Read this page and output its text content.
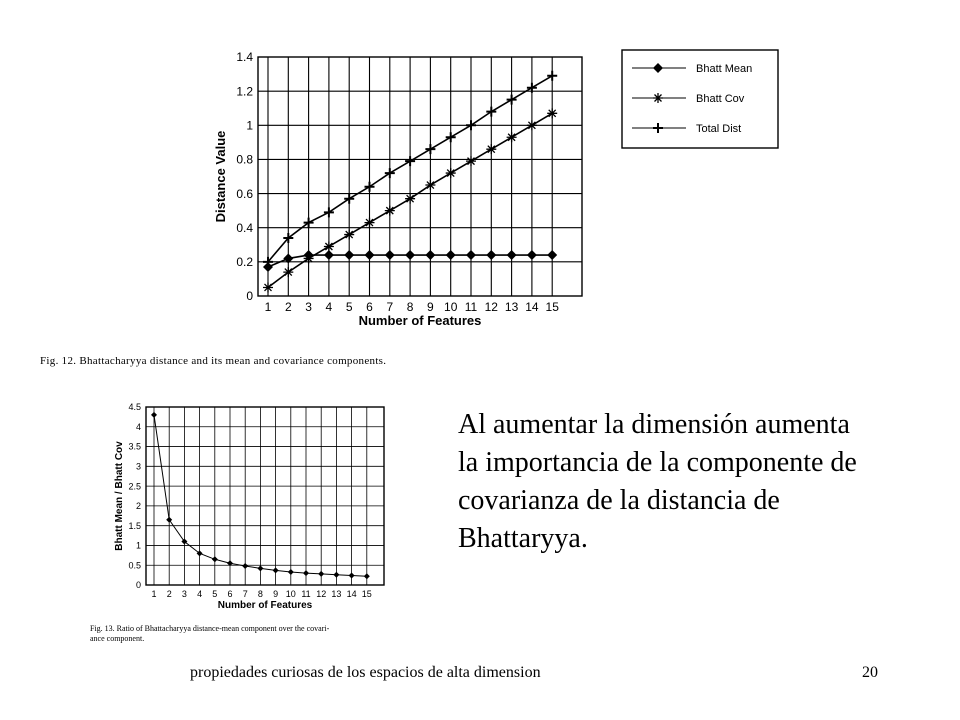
0
0.2
0.4
0.6
0.8
1
1.2
1.4
1 2 3 4 5 6 7 8 9 10 11 12 13 14 15
Number of Features
Distance Value
Bhatt Mean
Bhatt Cov
Total Dist
0
0.5
1
1.5
2
2.5
3
3.5
4
4.5
1 2 3 4 5 6 7 8 9 10 11 12 13 14 15
Number of Features
Bhatt Mean / Bhatt Cov
Fig. 12. Bhattacharyya distance and its mean and covariance components.
Fig. 13. Ratio of Bhattacharyya distance-mean component over the covari-
ance component.
Al aumentar la dimensión aumenta
la importancia de la componente de
covarianza de la distancia de
Bhattaryya.
propiedades curiosas de los espacios de alta dimension	20
